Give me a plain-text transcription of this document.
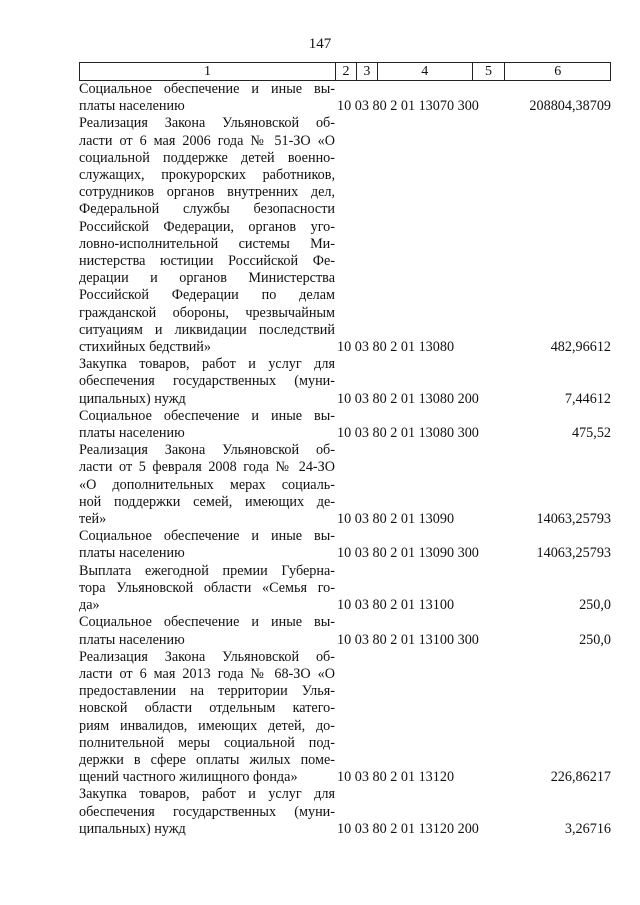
147
1	2 3	4	5	6
Социальное обеспечение и иные вы-
платы населению	10 03 80 2 01 13070 300	208804,38709
Реализация Закона Ульяновской об-
ласти от 6 мая 2006 года № 51-ЗО «О
социальной поддержке детей военно-
служащих, прокурорских работников,
сотрудников органов внутренних дел,
Федеральной службы безопасности
Российской Федерации, органов уго-
ловно-исполнительной системы Ми-
нистерства юстиции Российской Фе-
дерации и органов Министерства
Российской Федерации по делам
гражданской обороны, чрезвычайным
ситуациям и ликвидации последствий
стихийных бедствий»	10 03 80 2 01 13080	482,96612
Закупка товаров, работ и услуг для
обеспечения государственных (муни-
ципальных) нужд	10 03 80 2 01 13080 200	7,44612
Социальное обеспечение и иные вы-
платы населению	10 03 80 2 01 13080 300	475,52
Реализация Закона Ульяновской об-
ласти от 5 февраля 2008 года № 24-ЗО
«О дополнительных мерах социаль-
ной поддержки семей, имеющих де-
тей»	10 03 80 2 01 13090	14063,25793
Социальное обеспечение и иные вы-
платы населению	10 03 80 2 01 13090 300	14063,25793
Выплата ежегодной премии Губерна-
тора Ульяновской области «Семья го-
да»	10 03 80 2 01 13100	250,0
Социальное обеспечение и иные вы-
платы населению	10 03 80 2 01 13100 300	250,0
Реализация Закона Ульяновской об-
ласти от 6 мая 2013 года № 68-ЗО «О
предоставлении на территории Улья-
новской области отдельным катего-
риям инвалидов, имеющих детей, до-
полнительной меры социальной под-
держки в сфере оплаты жилых поме-
щений частного жилищного фонда»	10 03 80 2 01 13120	226,86217
Закупка товаров, работ и услуг для
обеспечения государственных (муни-
ципальных) нужд	10 03 80 2 01 13120 200	3,26716
